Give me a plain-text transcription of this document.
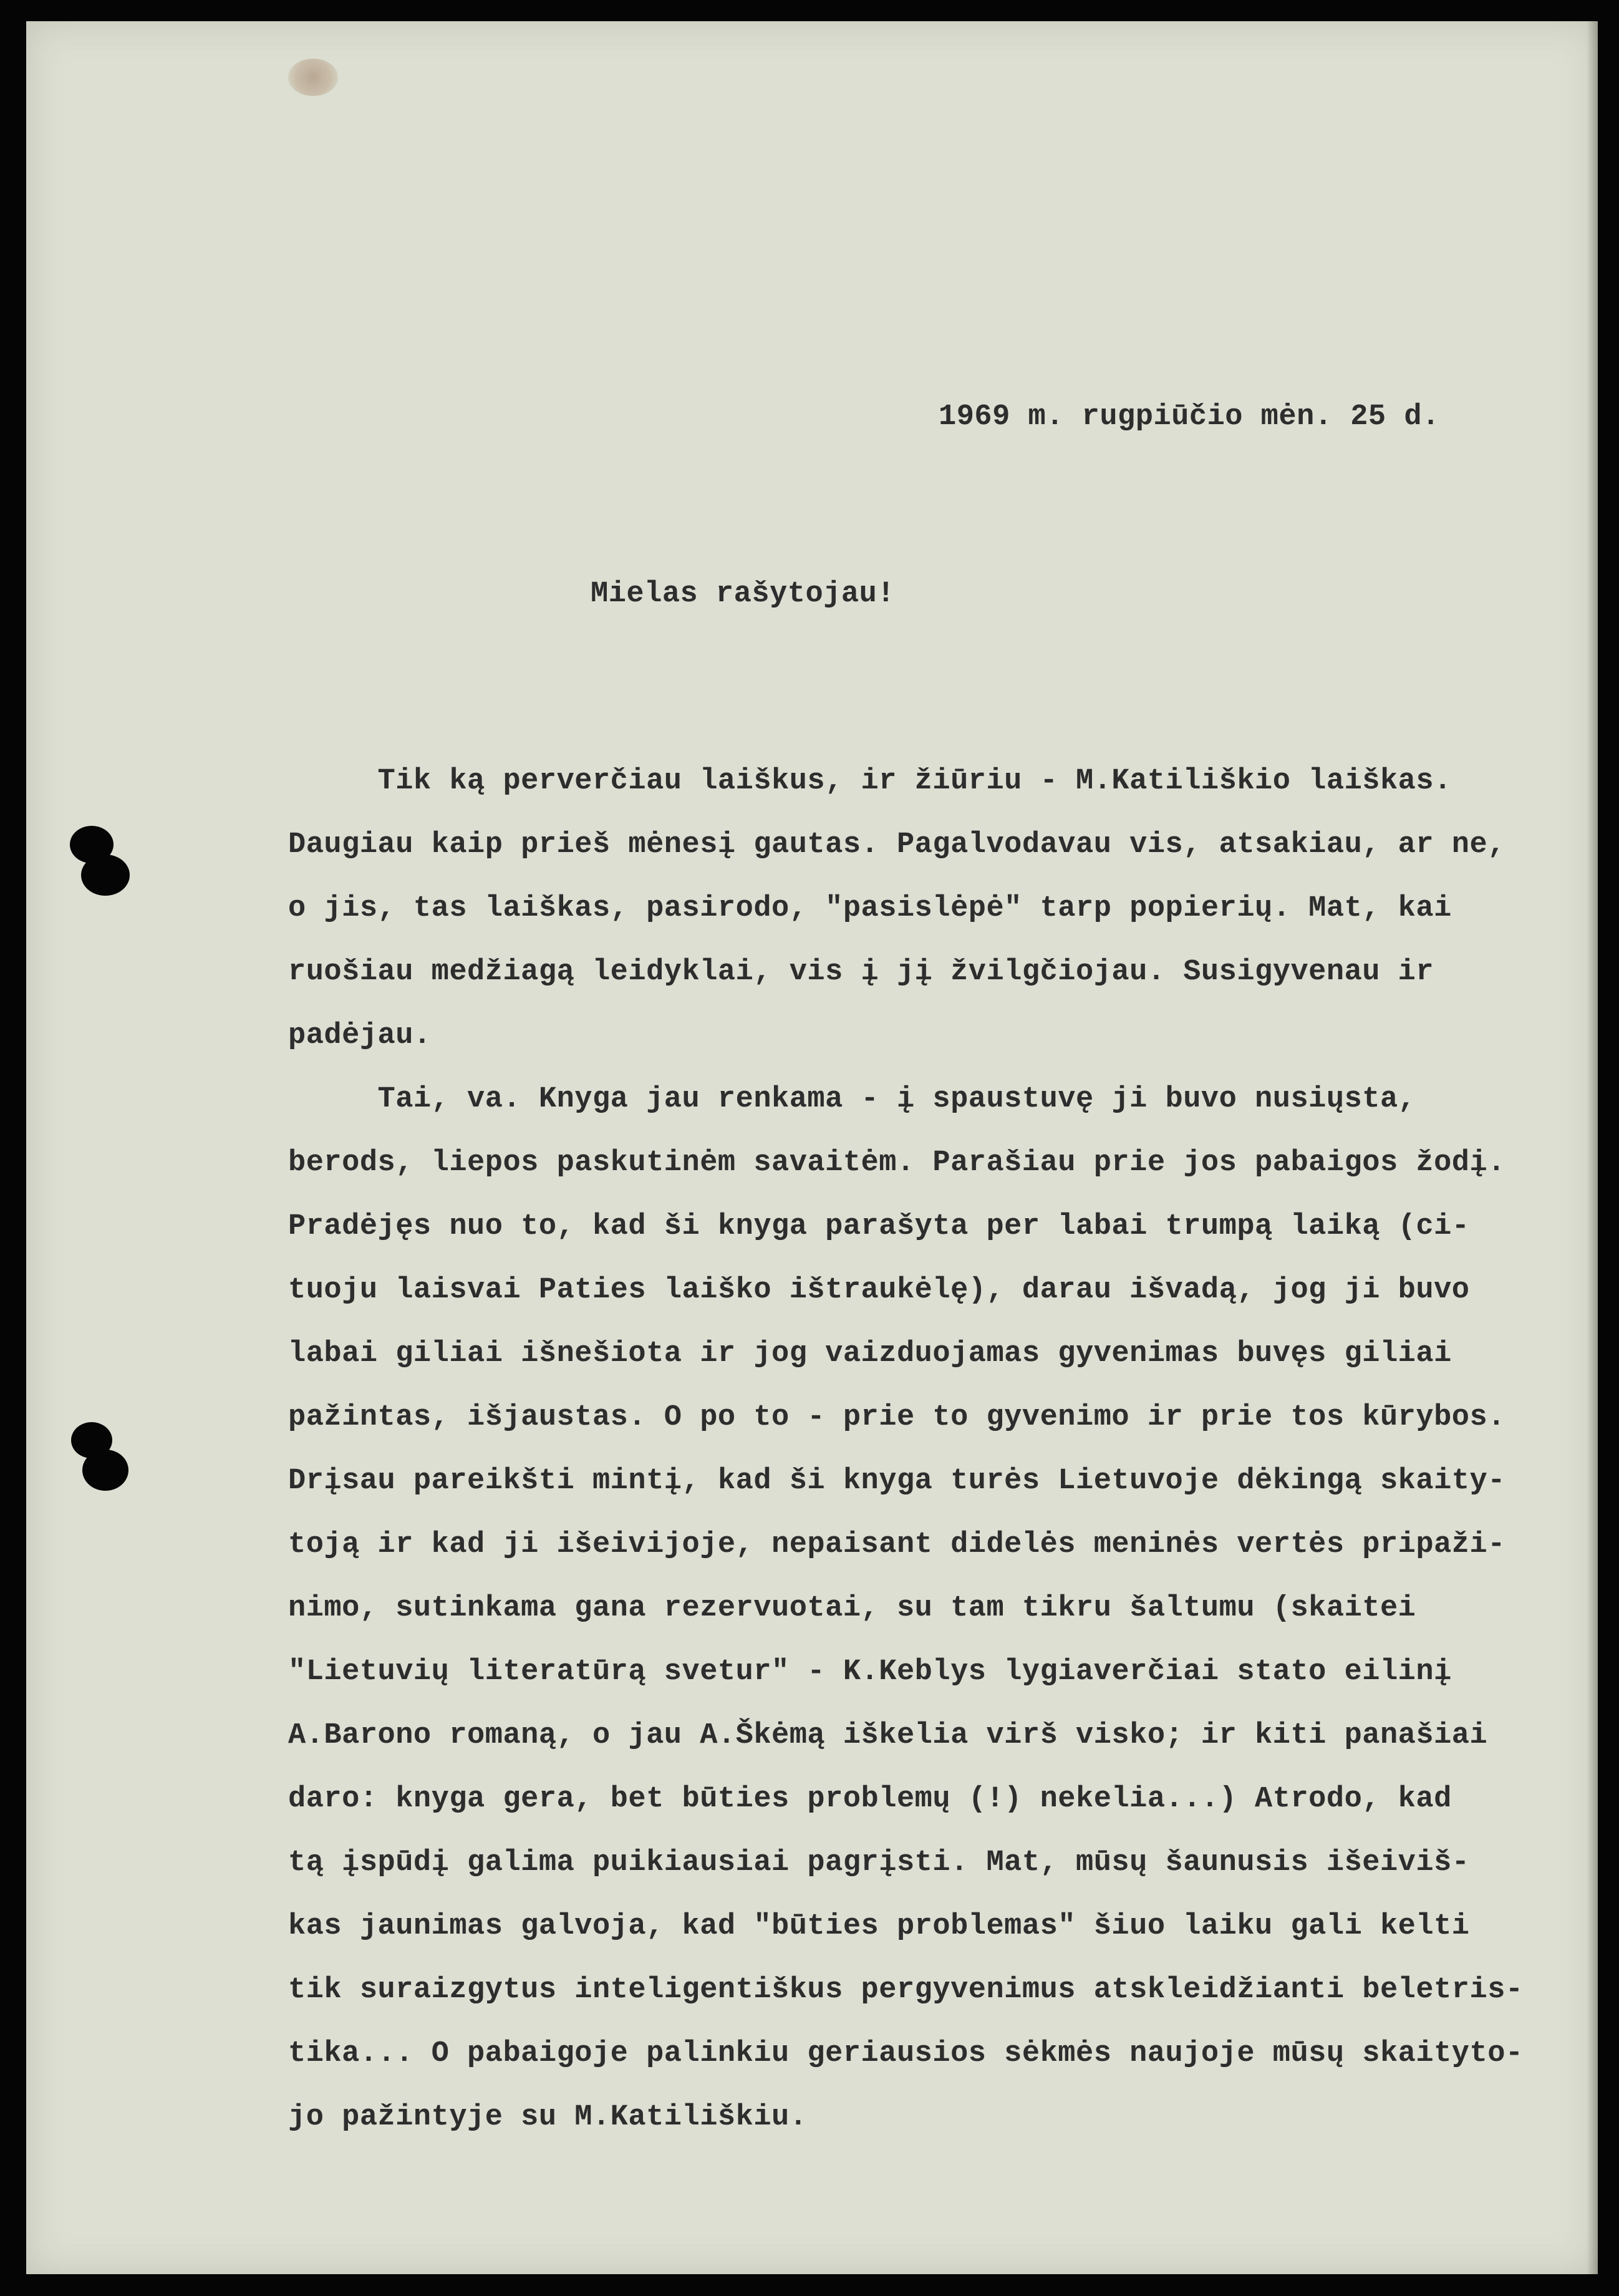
1969 m. rugpiūčio mėn. 25 d.
Mielas rašytojau!
Tik ką perverčiau laiškus, ir žiūriu - M.Katiliškio laiškas.
Daugiau kaip prieš mėnesį gautas. Pagalvodavau vis, atsakiau, ar ne,
o jis, tas laiškas, pasirodo, "pasislėpė" tarp popierių. Mat, kai
ruošiau medžiagą leidyklai, vis į jį žvilgčiojau. Susigyvenau ir
padėjau.
Tai, va. Knyga jau renkama - į spaustuvę ji buvo nusiųsta,
berods, liepos paskutinėm savaitėm. Parašiau prie jos pabaigos žodį.
Pradėjęs nuo to, kad ši knyga parašyta per labai trumpą laiką (ci-
tuoju laisvai Paties laiško ištraukėlę), darau išvadą, jog ji buvo
labai giliai išnešiota ir jog vaizduojamas gyvenimas buvęs giliai
pažintas, išjaustas. O po to - prie to gyvenimo ir prie tos kūrybos.
Drįsau pareikšti mintį, kad ši knyga turės Lietuvoje dėkingą skaity-
toją ir kad ji išeivijoje, nepaisant didelės meninės vertės pripaži-
nimo, sutinkama gana rezervuotai, su tam tikru šaltumu (skaitei
"Lietuvių literatūrą svetur" - K.Keblys lygiaverčiai stato eilinį
A.Barono romaną, o jau A.Škėmą iškelia virš visko; ir kiti panašiai
daro: knyga gera, bet būties problemų (!) nekelia...) Atrodo, kad
tą įspūdį galima puikiausiai pagrįsti. Mat, mūsų šaunusis išeiviš-
kas jaunimas galvoja, kad "būties problemas" šiuo laiku gali kelti
tik suraizgytus inteligentiškus pergyvenimus atskleidžianti beletris-
tika... O pabaigoje palinkiu geriausios sėkmės naujoje mūsų skaityto-
jo pažintyje su M.Katiliškiu.
